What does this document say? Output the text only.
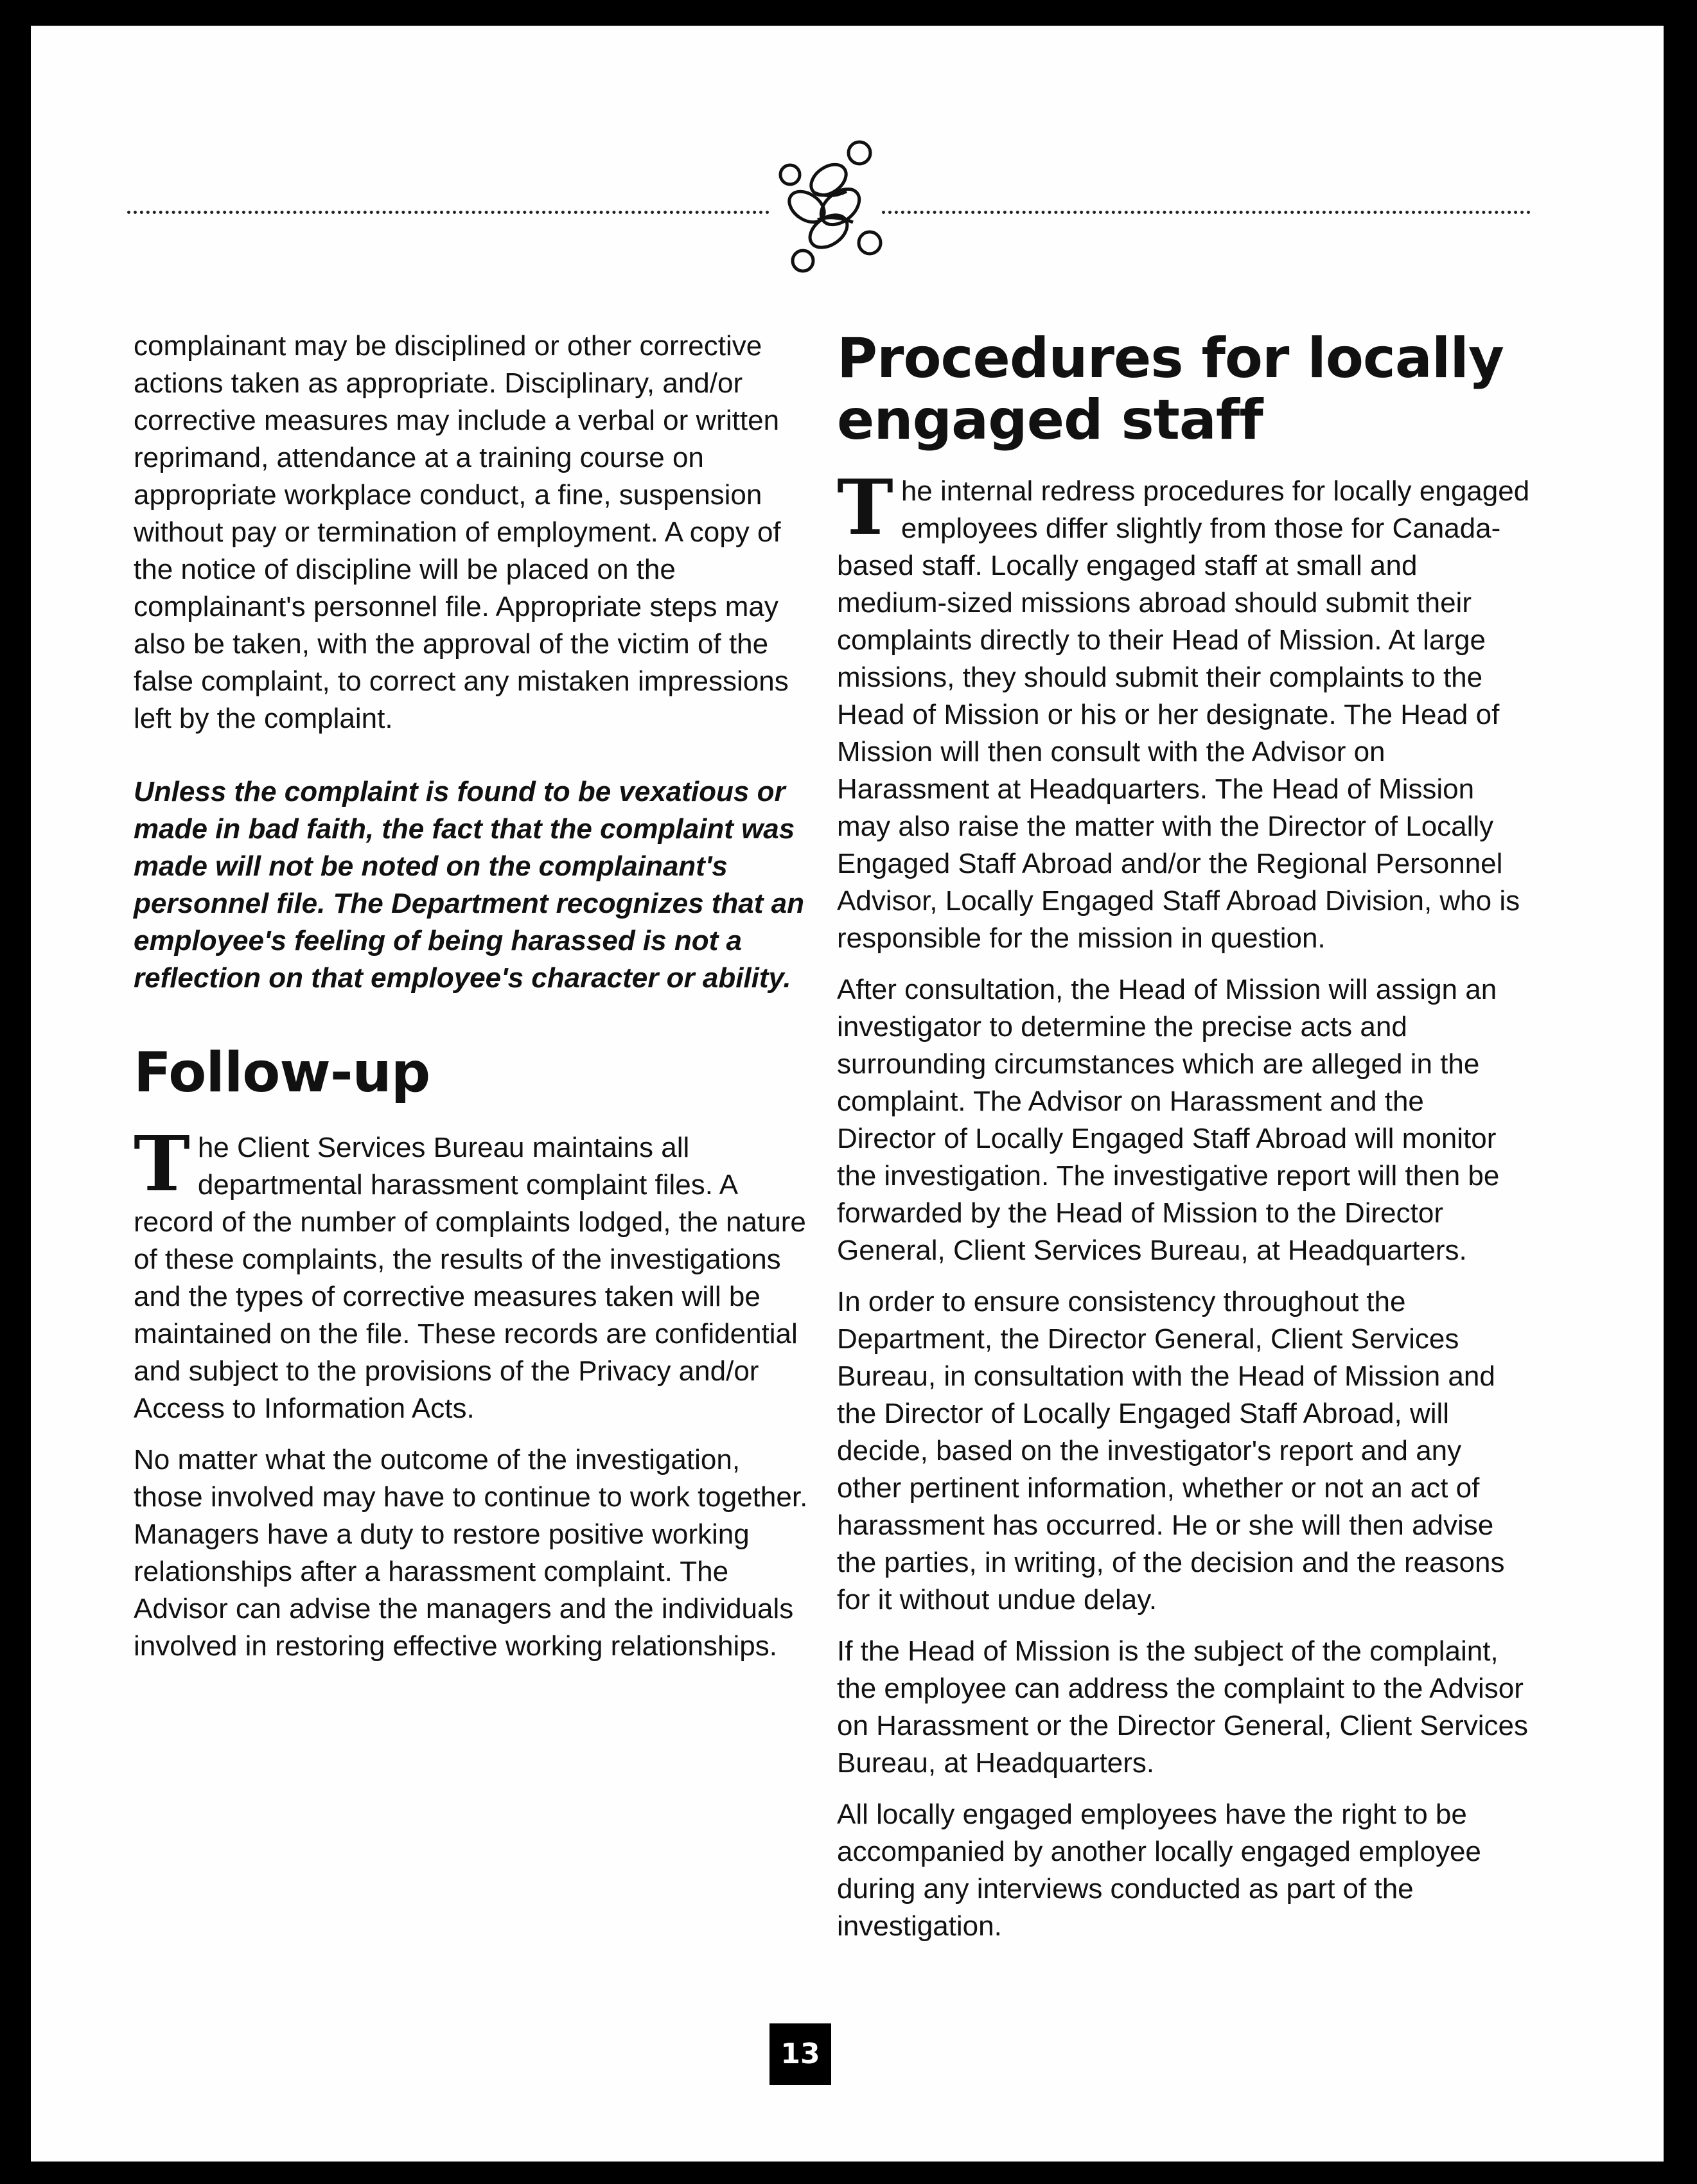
complainant may be disciplined or other corrective actions taken as appropriate. Disciplinary, and/or corrective measures may include a verbal or written reprimand, attendance at a training course on appropriate workplace conduct, a fine, suspension without pay or termination of employment. A copy of the notice of discipline will be placed on the complainant's personnel file. Appropriate steps may also be taken, with the approval of the victim of the false complaint, to correct any mistaken impressions left by the complaint.

Unless the complaint is found to be vexatious or made in bad faith, the fact that the complaint was made will not be noted on the complainant's personnel file. The Department recognizes that an employee's feeling of being harassed is not a reflection on that employee's character or ability.

Follow-up

The Client Services Bureau maintains all departmental harassment complaint files. A record of the number of complaints lodged, the nature of these complaints, the results of the investigations and the types of corrective measures taken will be maintained on the file. These records are confidential and subject to the provisions of the Privacy and/or Access to Information Acts.

No matter what the outcome of the investigation, those involved may have to continue to work together. Managers have a duty to restore positive working relationships after a harassment complaint. The Advisor can advise the managers and the individuals involved in restoring effective working relationships.

Procedures for locally engaged staff

The internal redress procedures for locally engaged employees differ slightly from those for Canada-based staff. Locally engaged staff at small and medium-sized missions abroad should submit their complaints directly to their Head of Mission. At large missions, they should submit their complaints to the Head of Mission or his or her designate. The Head of Mission will then consult with the Advisor on Harassment at Headquarters. The Head of Mission may also raise the matter with the Director of Locally Engaged Staff Abroad and/or the Regional Personnel Advisor, Locally Engaged Staff Abroad Division, who is responsible for the mission in question.

After consultation, the Head of Mission will assign an investigator to determine the precise acts and surrounding circumstances which are alleged in the complaint. The Advisor on Harassment and the Director of Locally Engaged Staff Abroad will monitor the investigation. The investigative report will then be forwarded by the Head of Mission to the Director General, Client Services Bureau, at Headquarters.

In order to ensure consistency throughout the Department, the Director General, Client Services Bureau, in consultation with the Head of Mission and the Director of Locally Engaged Staff Abroad, will decide, based on the investigator's report and any other pertinent information, whether or not an act of harassment has occurred. He or she will then advise the parties, in writing, of the decision and the reasons for it without undue delay.

If the Head of Mission is the subject of the complaint, the employee can address the complaint to the Advisor on Harassment or the Director General, Client Services Bureau, at Headquarters.

All locally engaged employees have the right to be accompanied by another locally engaged employee during any interviews conducted as part of the investigation.

13
